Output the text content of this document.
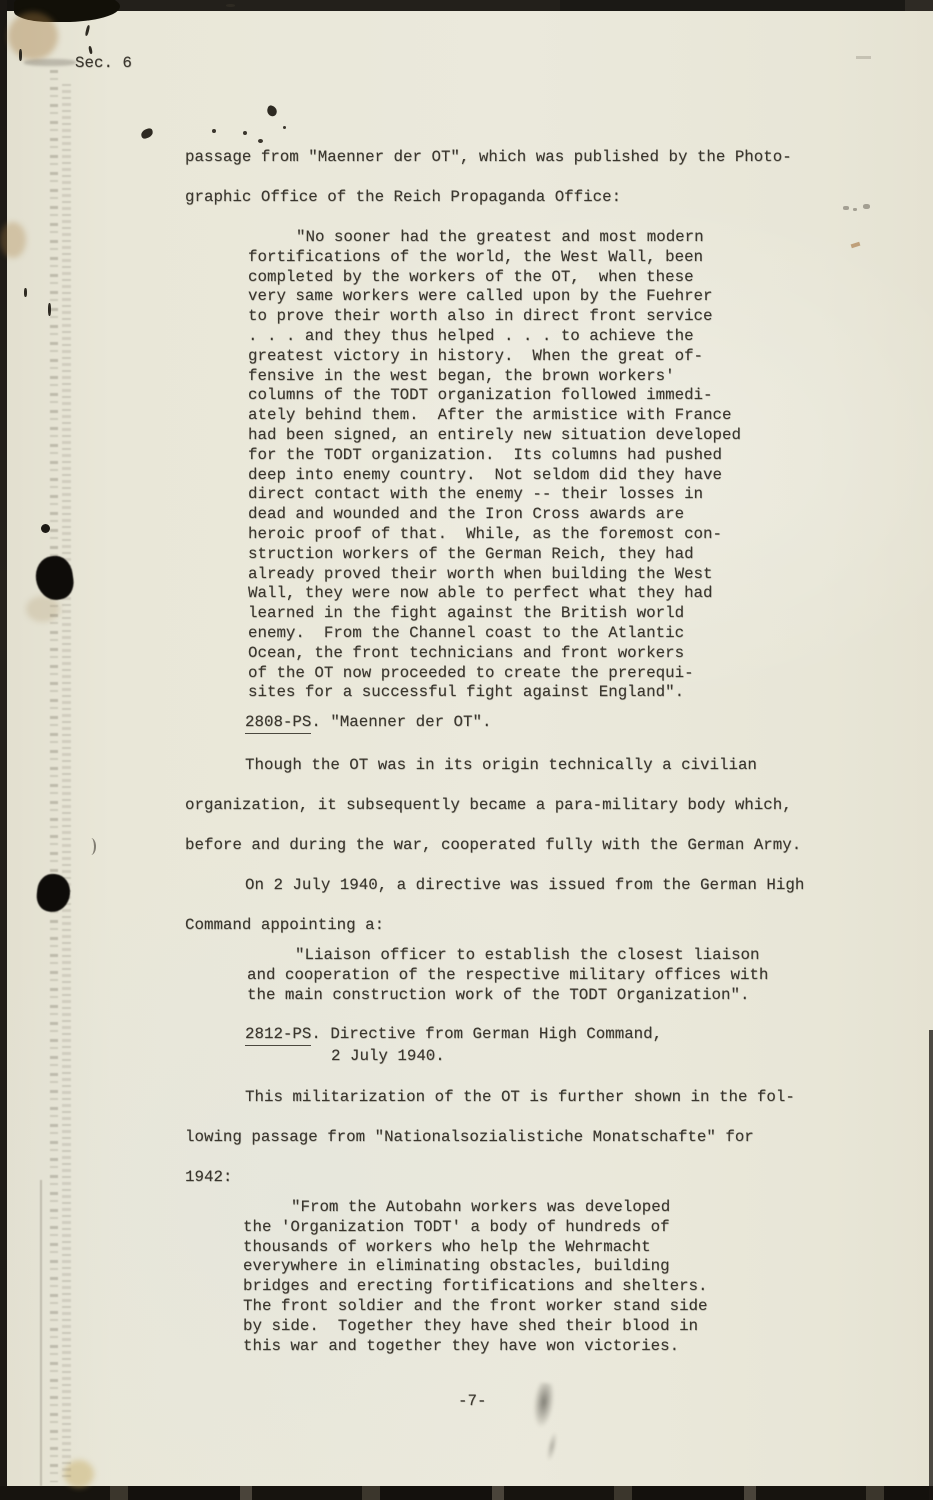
Sec. 6
passage from "Maenner der OT", which was published by the Photo-
graphic Office of the Reich Propaganda Office:
"No sooner had the greatest and most modern
fortifications of the world, the West Wall, been
completed by the workers of the OT,  when these
very same workers were called upon by the Fuehrer
to prove their worth also in direct front service
. . . and they thus helped . . . to achieve the
greatest victory in history.  When the great of-
fensive in the west began, the brown workers'
columns of the TODT organization followed immedi-
ately behind them.  After the armistice with France
had been signed, an entirely new situation developed
for the TODT organization.  Its columns had pushed
deep into enemy country.  Not seldom did they have
direct contact with the enemy -- their losses in
dead and wounded and the Iron Cross awards are
heroic proof of that.  While, as the foremost con-
struction workers of the German Reich, they had
already proved their worth when building the West
Wall, they were now able to perfect what they had
learned in the fight against the British world
enemy.  From the Channel coast to the Atlantic
Ocean, the front technicians and front workers
of the OT now proceeded to create the prerequi-
sites for a successful fight against England".
2808-PS. "Maenner der OT".
Though the OT was in its origin technically a civilian
organization, it subsequently became a para-military body which,
before and during the war, cooperated fully with the German Army.
On 2 July 1940, a directive was issued from the German High
Command appointing a:
"Liaison officer to establish the closest liaison
and cooperation of the respective military offices with
the main construction work of the TODT Organization".
2812-PS. Directive from German High Command,
2 July 1940.
This militarization of the OT is further shown in the fol-
lowing passage from "Nationalsozialistiche Monatschafte" for
1942:
"From the Autobahn workers was developed
the 'Organization TODT' a body of hundreds of
thousands of workers who help the Wehrmacht
everywhere in eliminating obstacles, building
bridges and erecting fortifications and shelters.
The front soldier and the front worker stand side
by side.  Together they have shed their blood in
this war and together they have won victories.
-7-
